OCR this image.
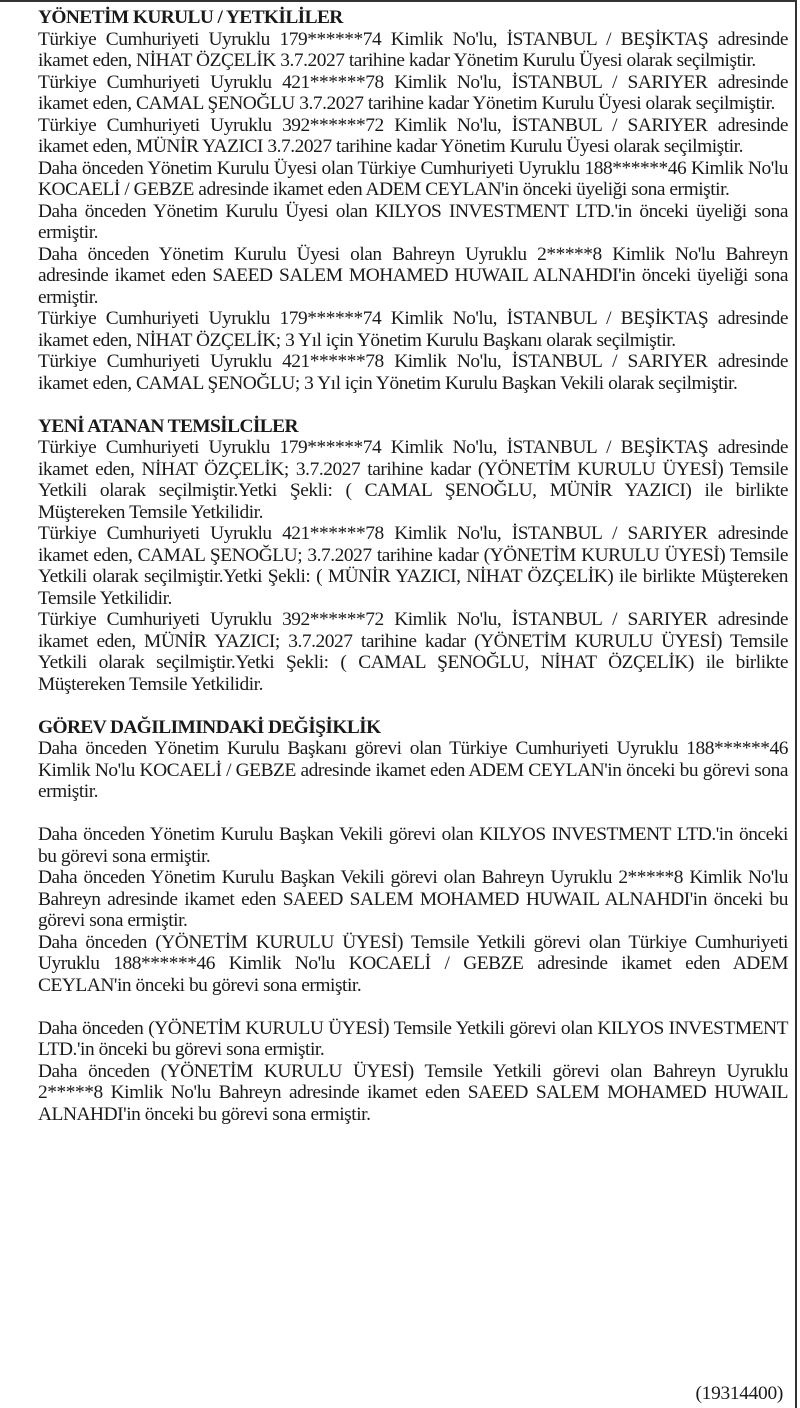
YÖNETİM KURULU / YETKİLİLER

Türkiye Cumhuriyeti Uyruklu 179******74 Kimlik No'lu, İSTANBUL / BEŞİKTAŞ adresinde ikamet eden, NİHAT ÖZÇELİK 3.7.2027 tarihine kadar Yönetim Kurulu Üyesi olarak seçilmiştir.

Türkiye Cumhuriyeti Uyruklu 421******78 Kimlik No'lu, İSTANBUL / SARIYER adresinde ikamet eden, CAMAL ŞENOĞLU 3.7.2027 tarihine kadar Yönetim Kurulu Üyesi olarak seçilmiştir.

Türkiye Cumhuriyeti Uyruklu 392******72 Kimlik No'lu, İSTANBUL / SARIYER adresinde ikamet eden, MÜNİR YAZICI 3.7.2027 tarihine kadar Yönetim Kurulu Üyesi olarak seçilmiştir.

Daha önceden Yönetim Kurulu Üyesi olan Türkiye Cumhuriyeti Uyruklu 188******46 Kimlik No'lu KOCAELİ / GEBZE adresinde ikamet eden ADEM CEYLAN'in önceki üyeliği sona ermiştir.

Daha önceden Yönetim Kurulu Üyesi olan KILYOS INVESTMENT LTD.'in önceki üyeliği sona ermiştir.

Daha önceden Yönetim Kurulu Üyesi olan Bahreyn Uyruklu 2*****8 Kimlik No'lu Bahreyn adresinde ikamet eden SAEED SALEM MOHAMED HUWAIL ALNAHDI'in önceki üyeliği sona ermiştir.

Türkiye Cumhuriyeti Uyruklu 179******74 Kimlik No'lu, İSTANBUL / BEŞİKTAŞ adresinde ikamet eden, NİHAT ÖZÇELİK; 3 Yıl için Yönetim Kurulu Başkanı olarak seçilmiştir.

Türkiye Cumhuriyeti Uyruklu 421******78 Kimlik No'lu, İSTANBUL / SARIYER adresinde ikamet eden, CAMAL ŞENOĞLU; 3 Yıl için Yönetim Kurulu Başkan Vekili olarak seçilmiştir.

YENİ ATANAN TEMSİLCİLER

Türkiye Cumhuriyeti Uyruklu 179******74 Kimlik No'lu, İSTANBUL / BEŞİKTAŞ adresinde ikamet eden, NİHAT ÖZÇELİK; 3.7.2027 tarihine kadar (YÖNETİM KURULU ÜYESİ) Temsile Yetkili olarak seçilmiştir.Yetki Şekli: ( CAMAL ŞENOĞLU, MÜNİR YAZICI) ile birlikte Müştereken Temsile Yetkilidir.

Türkiye Cumhuriyeti Uyruklu 421******78 Kimlik No'lu, İSTANBUL / SARIYER adresinde ikamet eden, CAMAL ŞENOĞLU; 3.7.2027 tarihine kadar (YÖNETİM KURULU ÜYESİ) Temsile Yetkili olarak seçilmiştir.Yetki Şekli: ( MÜNİR YAZICI, NİHAT ÖZÇELİK) ile birlikte Müştereken Temsile Yetkilidir.

Türkiye Cumhuriyeti Uyruklu 392******72 Kimlik No'lu, İSTANBUL / SARIYER adresinde ikamet eden, MÜNİR YAZICI; 3.7.2027 tarihine kadar (YÖNETİM KURULU ÜYESİ) Temsile Yetkili olarak seçilmiştir.Yetki Şekli: ( CAMAL ŞENOĞLU, NİHAT ÖZÇELİK) ile birlikte Müştereken Temsile Yetkilidir.

GÖREV DAĞILIMINDAKİ DEĞİŞİKLİK

Daha önceden Yönetim Kurulu Başkanı görevi olan Türkiye Cumhuriyeti Uyruklu 188******46 Kimlik No'lu KOCAELİ / GEBZE adresinde ikamet eden ADEM CEYLAN'in önceki bu görevi sona ermiştir.

Daha önceden Yönetim Kurulu Başkan Vekili görevi olan KILYOS INVESTMENT LTD.'in önceki bu görevi sona ermiştir.

Daha önceden Yönetim Kurulu Başkan Vekili görevi olan Bahreyn Uyruklu 2*****8 Kimlik No'lu Bahreyn adresinde ikamet eden SAEED SALEM MOHAMED HUWAIL ALNAHDI'in önceki bu görevi sona ermiştir.

Daha önceden (YÖNETİM KURULU ÜYESİ) Temsile Yetkili görevi olan Türkiye Cumhuriyeti Uyruklu 188******46 Kimlik No'lu KOCAELİ / GEBZE adresinde ikamet eden ADEM CEYLAN'in önceki bu görevi sona ermiştir.

Daha önceden (YÖNETİM KURULU ÜYESİ) Temsile Yetkili görevi olan KILYOS INVESTMENT LTD.'in önceki bu görevi sona ermiştir.

Daha önceden (YÖNETİM KURULU ÜYESİ) Temsile Yetkili görevi olan Bahreyn Uyruklu 2*****8 Kimlik No'lu Bahreyn adresinde ikamet eden SAEED SALEM MOHAMED HUWAIL ALNAHDI'in önceki bu görevi sona ermiştir.

(19314400)
